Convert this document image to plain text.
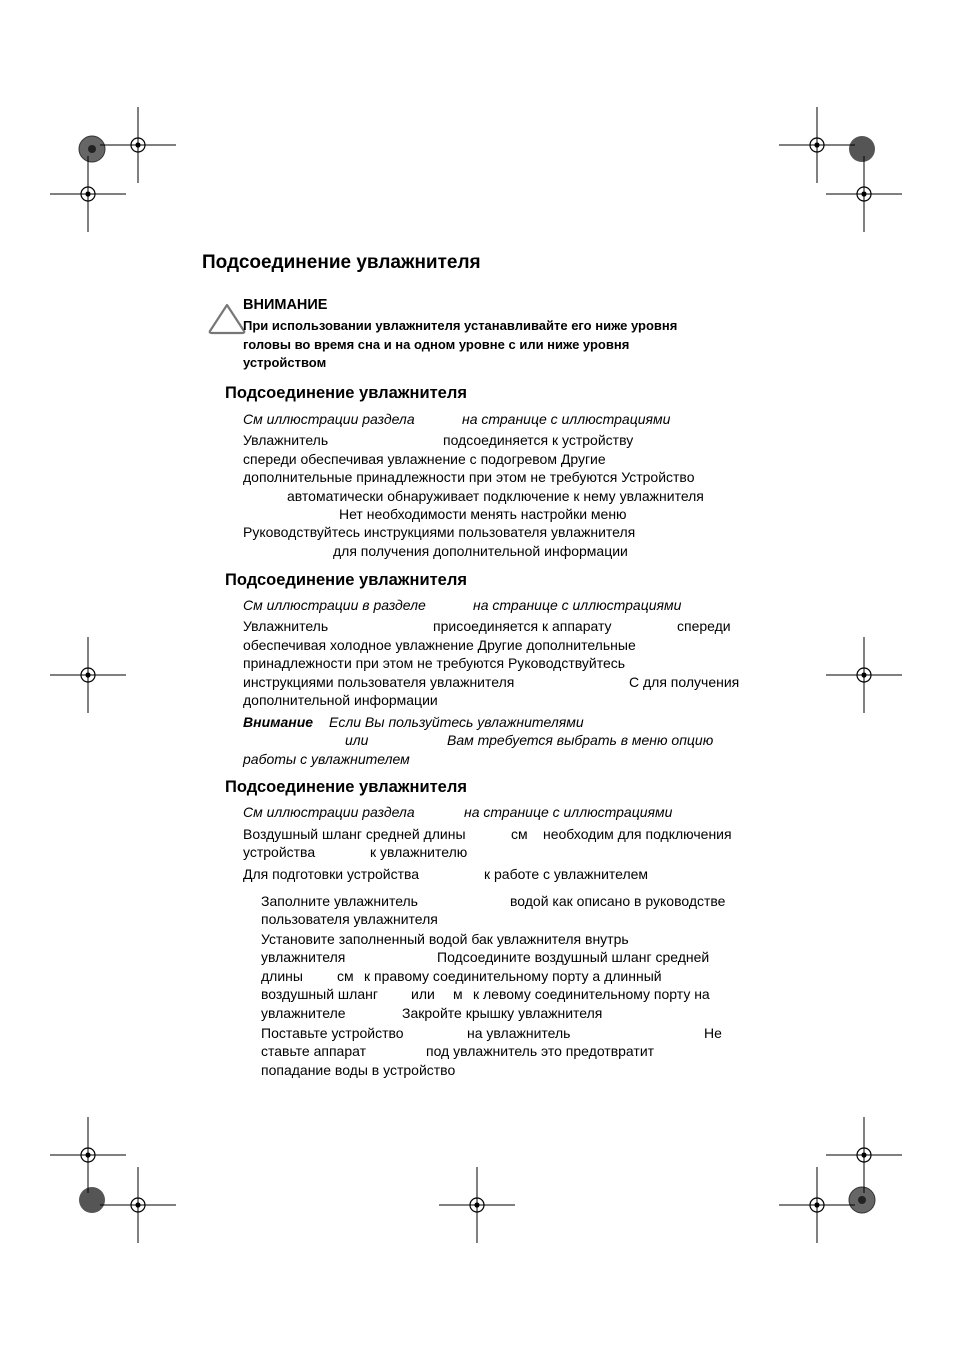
Подсоединение увлажнителя
ВНИМАНИЕ
При использовании увлажнителя устанавливайте его ниже уровня
головы во время сна и на одном уровне с или ниже уровня
устройством
Подсоединение увлажнителя
См иллюстрации раздела	на странице с иллюстрациями
Увлажнитель	подсоединяется к устройству
спереди обеспечивая увлажнение с подогревом Другие
дополнительные принадлежности при этом не требуются Устройство
автоматически обнаруживает подключение к нему увлажнителя
Нет необходимости менять настройки меню
Руководствуйтесь инструкциями пользователя увлажнителя
для получения дополнительной информации
Подсоединение увлажнителя
См иллюстрации в разделе	на странице с иллюстрациями
Увлажнитель	присоединяется к аппарату	спереди
обеспечивая холодное увлажнение Другие дополнительные
принадлежности при этом не требуются Руководствуйтесь
инструкциями пользователя увлажнителя	С для получения
дополнительной информации
Внимание Если Вы пользуйтесь увлажнителями
или	Вам требуется выбрать в меню опцию
работы с увлажнителем
Подсоединение увлажнителя
См иллюстрации раздела	на странице с иллюстрациями
Воздушный шланг средней длины	см необходим для подключения
устройства	к увлажнителю
Для подготовки устройства	к работе с увлажнителем
Заполните увлажнитель	водой как описано в руководстве
пользователя увлажнителя
Установите заполненный водой бак увлажнителя внутрь
увлажнителя	Подсоедините воздушный шланг средней
длины см к правому соединительному порту а длинный
воздушный шланг или м к левому соединительному порту на
увлажнителе	Закройте крышку увлажнителя
Поставьте устройство	на увлажнитель	Не
ставьте аппарат	под увлажнитель это предотвратит
попадание воды в устройство
